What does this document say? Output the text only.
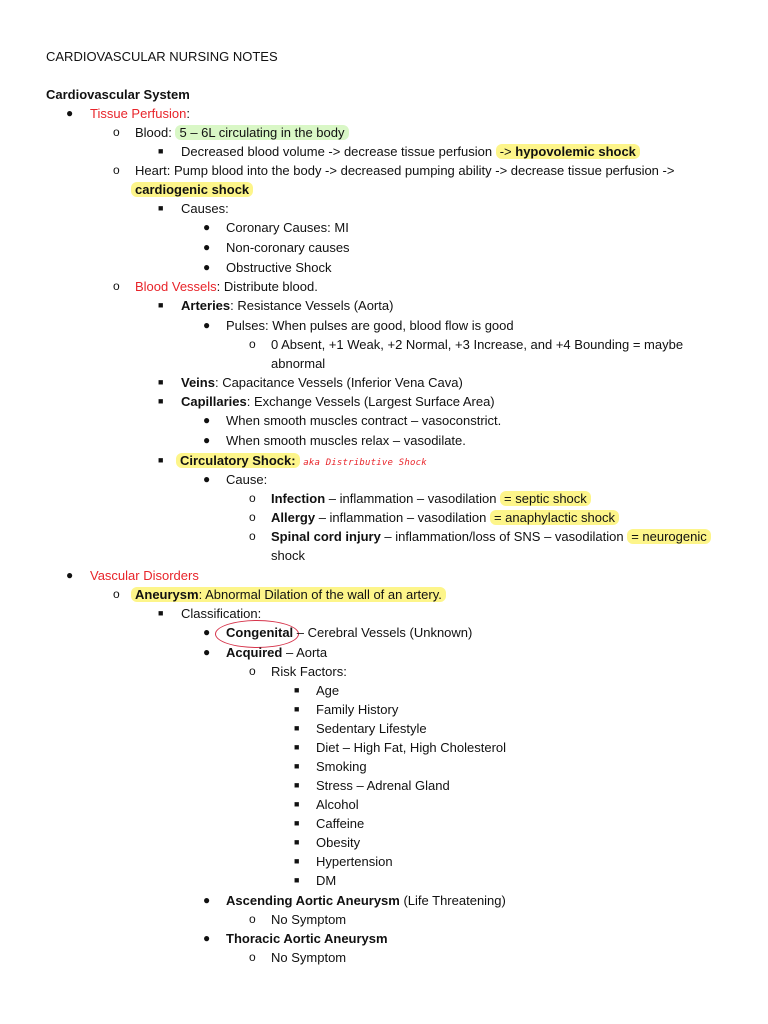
CARDIOVASCULAR NURSING NOTES
Cardiovascular System
● Tissue Perfusion:
o Blood: 5 – 6L circulating in the body
■ Decreased blood volume -> decrease tissue perfusion -> hypovolemic shock
o Heart: Pump blood into the body -> decreased pumping ability -> decrease tissue perfusion ->
cardiogenic shock
■ Causes:
● Coronary Causes: MI
● Non-coronary causes
● Obstructive Shock
o Blood Vessels: Distribute blood.
■ Arteries: Resistance Vessels (Aorta)
● Pulses: When pulses are good, blood flow is good
o 0 Absent, +1 Weak, +2 Normal, +3 Increase, and +4 Bounding = maybe
abnormal
■ Veins: Capacitance Vessels (Inferior Vena Cava)
■ Capillaries: Exchange Vessels (Largest Surface Area)
● When smooth muscles contract – vasoconstrict.
● When smooth muscles relax – vasodilate.
■	Circulatory Shock: aka Distributive Shock
● Cause:
o Infection – inflammation – vasodilation = septic shock
o Allergy – inflammation – vasodilation = anaphylactic shock
o Spinal cord injury – inflammation/loss of SNS – vasodilation = neurogenic
shock
● Vascular Disorders
o	Aneurysm: Abnormal Dilation of the wall of an artery.
■ Classification:
● Congenital – Cerebral Vessels (Unknown)
● Acquired – Aorta
o Risk Factors:
■ Age
■ Family History
■ Sedentary Lifestyle
■ Diet – High Fat, High Cholesterol
■ Smoking
■ Stress – Adrenal Gland
■ Alcohol
■ Caffeine
■ Obesity
■ Hypertension
■ DM
● Ascending Aortic Aneurysm (Life Threatening)
o No Symptom
● Thoracic Aortic Aneurysm
o No Symptom
